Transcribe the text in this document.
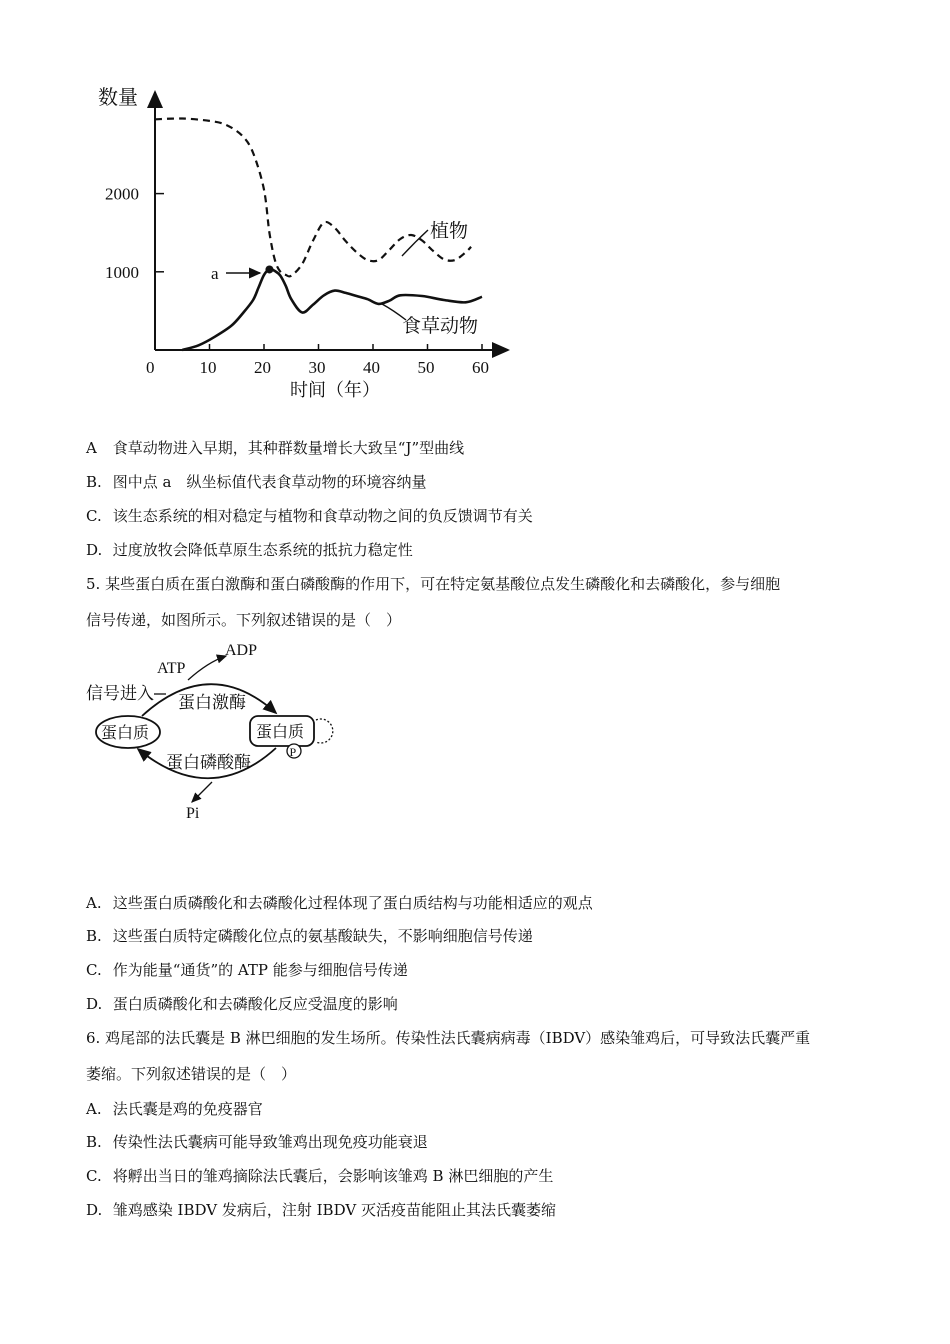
数量
时间（年）
0	10 20 30 40 50 60
1000
2000
植物
食草动物
a
A 食草动物进入早期，其种群数量增长大致呈“J”型曲线
B. 图中点 a　纵坐标值代表食草动物的环境容纳量
C. 该生态系统的相对稳定与植物和食草动物之间的负反馈调节有关
D. 过度放牧会降低草原生态系统的抵抗力稳定性
5. 某些蛋白质在蛋白激酶和蛋白磷酸酶的作用下，可在特定氨基酸位点发生磷酸化和去磷酸化，参与细胞
信号传递，如图所示。下列叙述错误的是（　）
蛋白质	蛋白质
P
蛋白激酶
蛋白磷酸酶
ATP
ADP
Pi
信号进入
A. 这些蛋白质磷酸化和去磷酸化过程体现了蛋白质结构与功能相适应的观点
B. 这些蛋白质特定磷酸化位点的氨基酸缺失，不影响细胞信号传递
C. 作为能量“通货”的 ATP 能参与细胞信号传递
D. 蛋白质磷酸化和去磷酸化反应受温度的影响
6. 鸡尾部的法氏囊是 B 淋巴细胞的发生场所。传染性法氏囊病病毒（IBDV）感染雏鸡后，可导致法氏囊严重
萎缩。下列叙述错误的是（　）
A. 法氏囊是鸡的免疫器官
B. 传染性法氏囊病可能导致雏鸡出现免疫功能衰退
C. 将孵出当日的雏鸡摘除法氏囊后，会影响该雏鸡 B 淋巴细胞的产生
D. 雏鸡感染 IBDV 发病后，注射 IBDV 灭活疫苗能阻止其法氏囊萎缩
